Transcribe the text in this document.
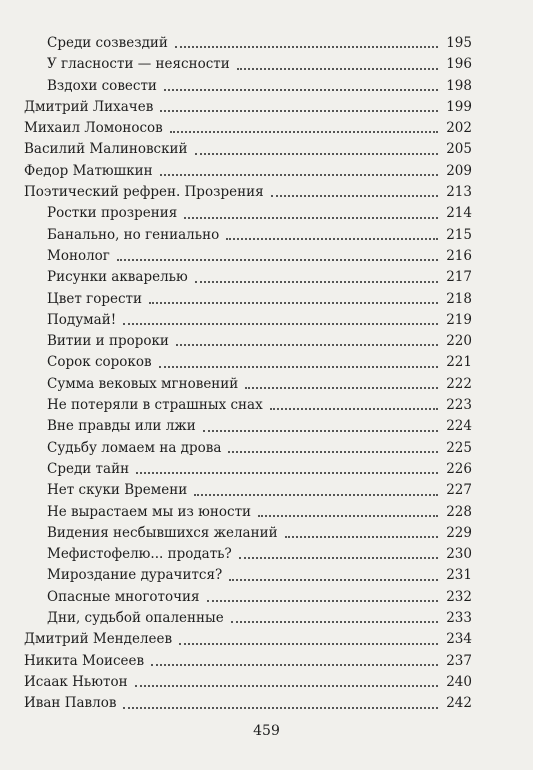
Среди созвездий	195
У гласности — неясности	196
Вздохи совести	198
Дмитрий Лихачев	199
Михаил Ломоносов	202
Василий Малиновский	205
Федор Матюшкин	209
Поэтический рефрен. Прозрения	213
Ростки прозрения	214
Банально, но гениально	215
Монолог	216
Рисунки акварелью	217
Цвет горести	218
Подумай!	219
Витии и пророки	220
Сорок сороков	221
Сумма вековых мгновений	222
Не потеряли в страшных снах	223
Вне правды или лжи	224
Судьбу ломаем на дрова	225
Среди тайн	226
Нет скуки Времени	227
Не вырастаем мы из юности	228
Видения несбывшихся желаний	229
Мефистофелю... продать?	230
Мироздание дурачится?	231
Опасные многоточия	232
Дни, судьбой опаленные	233
Дмитрий Менделеев	234
Никита Моисеев	237
Исаак Ньютон	240
Иван Павлов	242
459
